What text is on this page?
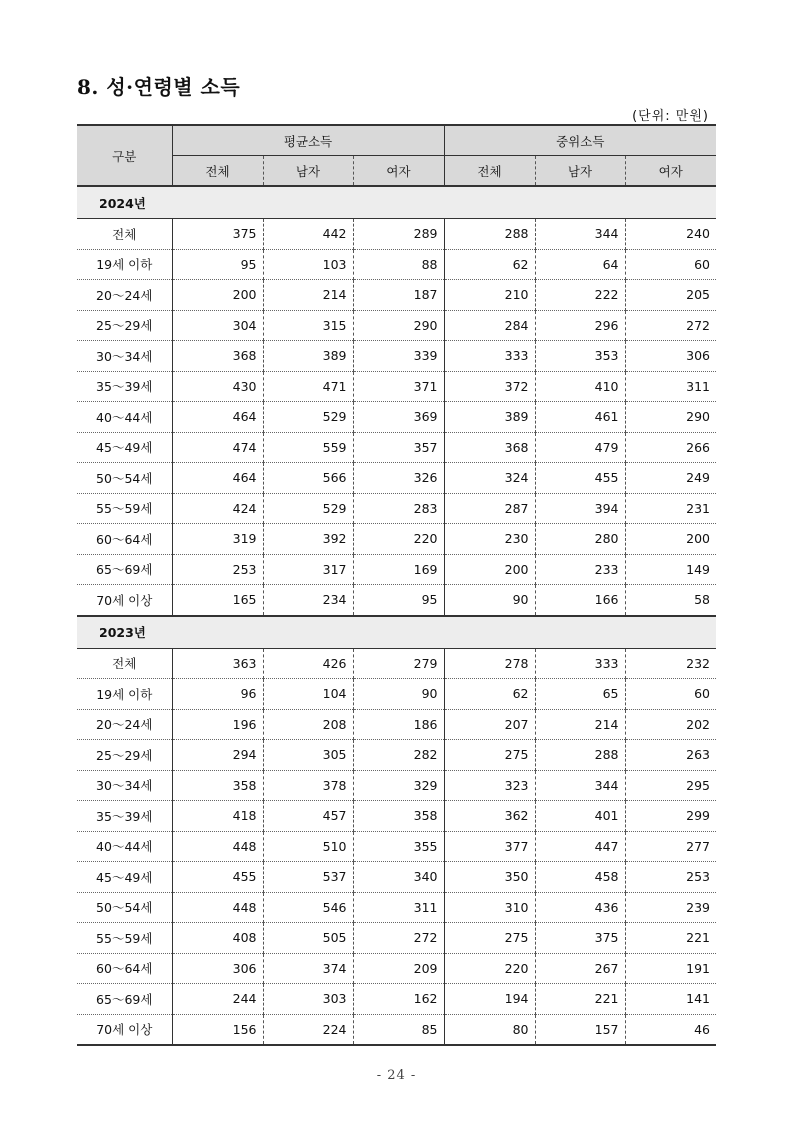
8. 성·연령별 소득
(단위: 만원)
구분	평균소득			중위소득		
	전체	남자	여자	전체	남자	여자
2024년						
전체	375	442	289	288	344	240
19세 이하	95	103	88	62	64	60
20～24세	200	214	187	210	222	205
25～29세	304	315	290	284	296	272
30～34세	368	389	339	333	353	306
35～39세	430	471	371	372	410	311
40～44세	464	529	369	389	461	290
45～49세	474	559	357	368	479	266
50～54세	464	566	326	324	455	249
55～59세	424	529	283	287	394	231
60～64세	319	392	220	230	280	200
65～69세	253	317	169	200	233	149
70세 이상	165	234	95	90	166	58
2023년						
전체	363	426	279	278	333	232
19세 이하	96	104	90	62	65	60
20～24세	196	208	186	207	214	202
25～29세	294	305	282	275	288	263
30～34세	358	378	329	323	344	295
35～39세	418	457	358	362	401	299
40～44세	448	510	355	377	447	277
45～49세	455	537	340	350	458	253
50～54세	448	546	311	310	436	239
55～59세	408	505	272	275	375	221
60～64세	306	374	209	220	267	191
65～69세	244	303	162	194	221	141
70세 이상	156	224	85	80	157	46
- 24 -
